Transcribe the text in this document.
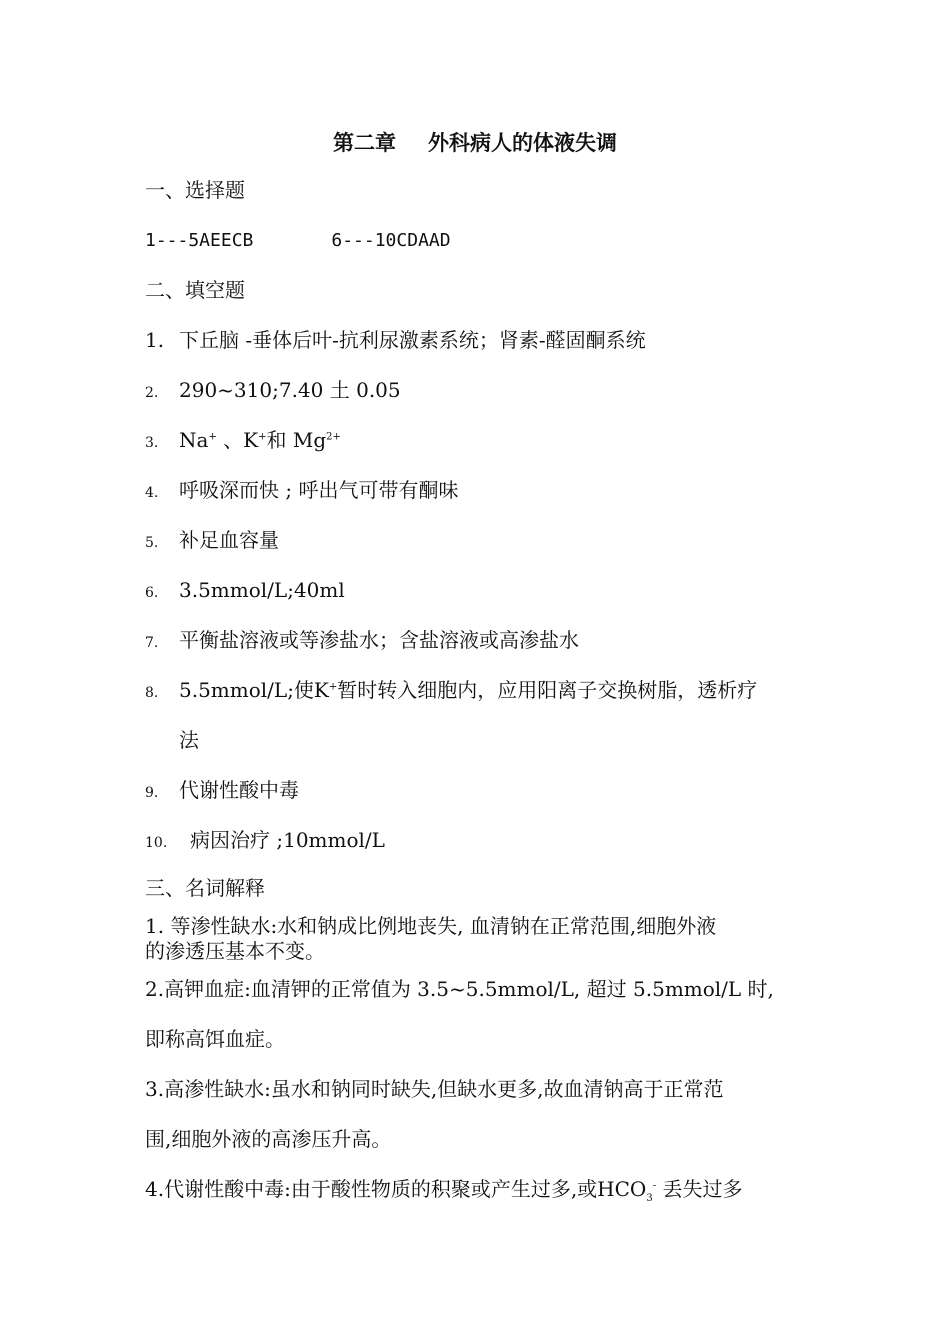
第二章 外科病人的体液失调
一、选择题
1---5AEECB	6---10CDAAD
二、填空题
1. 下丘脑 -垂体后叶-抗利尿激素系统；肾素-醛固酮系统
2. 290~310;7.40 土 0.05
3. Na+ 、K+和 $Mg^{2+}$
4. 呼吸深而快 ; 呼出气可带有酮味
5. 补足血容量
6. 3.5mmol/L;40ml
7. 平衡盐溶液或等渗盐水；含盐溶液或高渗盐水
8. 5.5mmol/L;使K+暂时转入细胞内，应用阳离子交换树脂，透析疗
法
9. 代谢性酸中毒
10. 病因治疗 ;10mmol/L
三、名词解释
1. 等渗性缺水:水和钠成比例地丧失, 血清钠在正常范围,细胞外液
的渗透压基本不变。
2.高钾血症:血清钾的正常值为 3.5~5.5mmol/L, 超过 5.5mmol/L 时,
即称高饵血症。
3.高渗性缺水:虽水和钠同时缺失,但缺水更多,故血清钠高于正常范
围,细胞外液的高渗压升高。
4.代谢性酸中毒:由于酸性物质的积聚或产生过多,或$HCO_3^-$ 丢失过多
